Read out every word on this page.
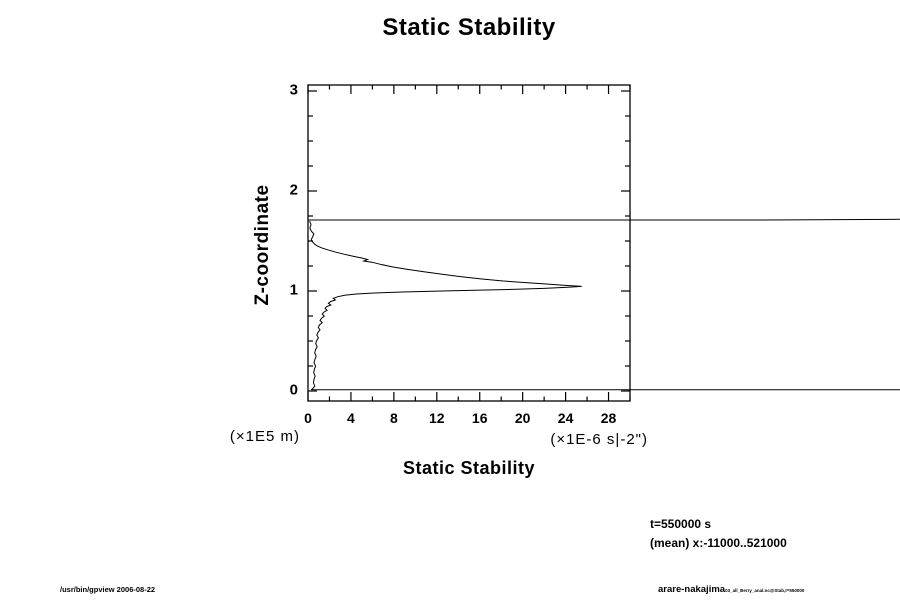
Static Stability
Z-coordinate
Static Stability
(×1E5 m)	(×1E-6 s|-2")
0	4	8 12 16 20 24 28
0
1
2
3
t=550000 s
(mean) x:-11000..521000
/usr/bin/gpview 2006-08-22	arare-nakajima03_all_Berry_anal.nc@Stab,t=550000
